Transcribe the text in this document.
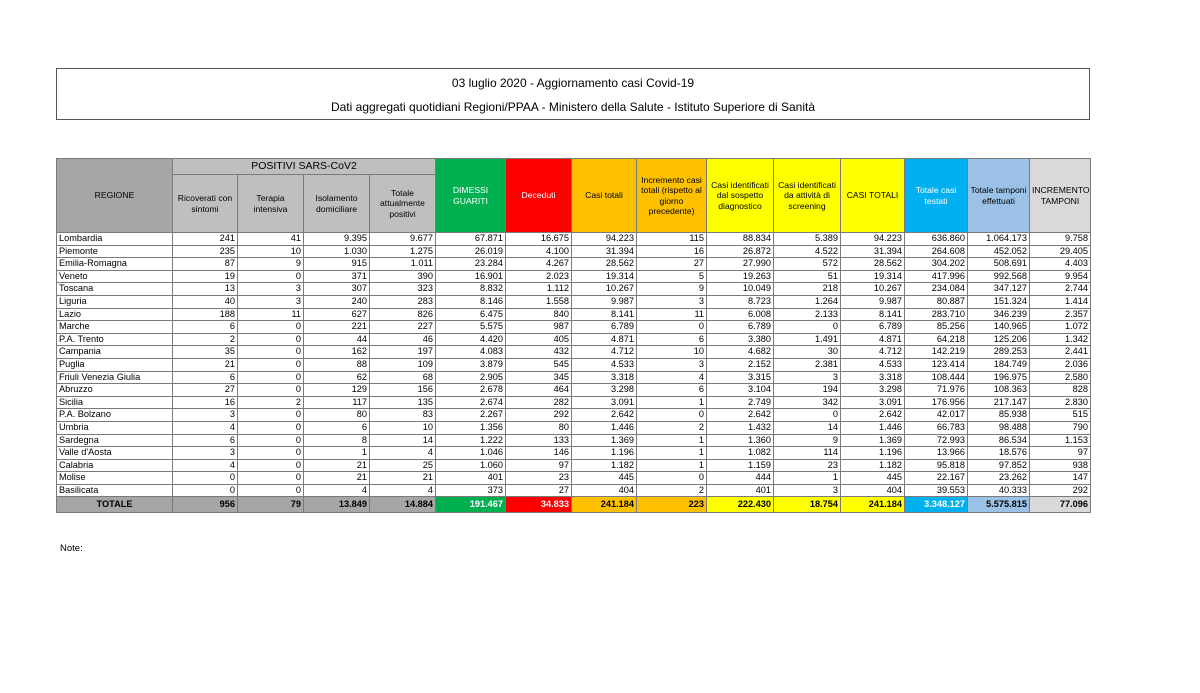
03 luglio 2020 - Aggiornamento casi Covid-19
Dati aggregati quotidiani Regioni/PPAA - Ministero della Salute - Istituto Superiore di Sanità
REGIONE	POSITIVI SARS-CoV2				DIMESSI GUARITI	Deceduti	Casi totali	Incremento casi totali (rispetto al giorno precedente)	Casi identificati dal sospetto diagnostico	Casi identificati da attività di screening	CASI TOTALI	Totale casi testati	Totale tamponi effettuati	INCREMENTO TAMPONI
	Ricoverati con sintomi	Terapia intensiva	Isolamento domiciliare	Totale attualmente positivi										
Lombardia	241	41	9.395	9.677	67.871	16.675	94.223	115	88.834	5.389	94.223	636.860	1.064.173	9.758
Piemonte	235	10	1.030	1.275	26.019	4.100	31.394	16	26.872	4.522	31.394	264.608	452.052	29.405
Emilia-Romagna	87	9	915	1.011	23.284	4.267	28.562	27	27.990	572	28.562	304.202	508.691	4.403
Veneto	19	0	371	390	16.901	2.023	19.314	5	19.263	51	19.314	417.996	992.568	9.954
Toscana	13	3	307	323	8.832	1.112	10.267	9	10.049	218	10.267	234.084	347.127	2.744
Liguria	40	3	240	283	8.146	1.558	9.987	3	8.723	1.264	9.987	80.887	151.324	1.414
Lazio	188	11	627	826	6.475	840	8.141	11	6.008	2.133	8.141	283.710	346.239	2.357
Marche	6	0	221	227	5.575	987	6.789	0	6.789	0	6.789	85.256	140.965	1.072
P.A. Trento	2	0	44	46	4.420	405	4.871	6	3.380	1.491	4.871	64.218	125.206	1.342
Campania	35	0	162	197	4.083	432	4.712	10	4.682	30	4.712	142.219	289.253	2.441
Puglia	21	0	88	109	3.879	545	4.533	3	2.152	2.381	4.533	123.414	184.749	2.036
Friuli Venezia Giulia	6	0	62	68	2.905	345	3.318	4	3.315	3	3.318	108.444	196.975	2.580
Abruzzo	27	0	129	156	2.678	464	3.298	6	3.104	194	3.298	71.976	108.363	828
Sicilia	16	2	117	135	2.674	282	3.091	1	2.749	342	3.091	176.956	217.147	2.830
P.A. Bolzano	3	0	80	83	2.267	292	2.642	0	2.642	0	2.642	42.017	85.938	515
Umbria	4	0	6	10	1.356	80	1.446	2	1.432	14	1.446	66.783	98.488	790
Sardegna	6	0	8	14	1.222	133	1.369	1	1.360	9	1.369	72.993	86.534	1.153
Valle d'Aosta	3	0	1	4	1.046	146	1.196	1	1.082	114	1.196	13.966	18.576	97
Calabria	4	0	21	25	1.060	97	1.182	1	1.159	23	1.182	95.818	97.852	938
Molise	0	0	21	21	401	23	445	0	444	1	445	22.167	23.262	147
Basilicata	0	0	4	4	373	27	404	2	401	3	404	39.553	40.333	292
TOTALE	956	79	13.849	14.884	191.467	34.833	241.184	223	222.430	18.754	241.184	3.348.127	5.575.815	77.096
Note:
